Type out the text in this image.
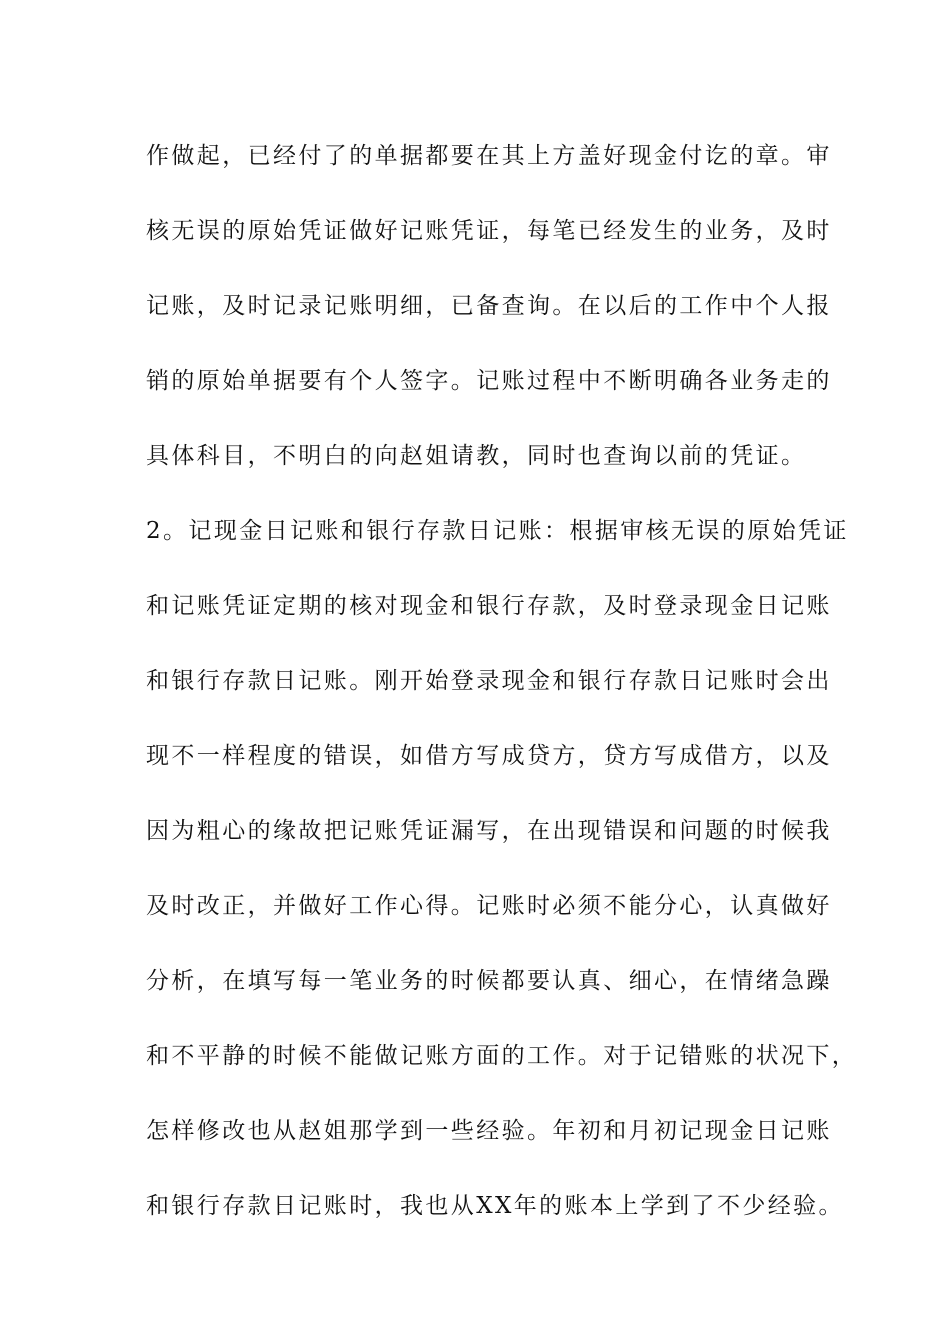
作做起，已经付了的单据都要在其上方盖好现金付讫的章。审
核无误的原始凭证做好记账凭证，每笔已经发生的业务，及时
记账，及时记录记账明细，已备查询。在以后的工作中个人报
销的原始单据要有个人签字。记账过程中不断明确各业务走的
具体科目，不明白的向赵姐请教，同时也查询以前的凭证。
2。记现金日记账和银行存款日记账：根据审核无误的原始凭证
和记账凭证定期的核对现金和银行存款，及时登录现金日记账
和银行存款日记账。刚开始登录现金和银行存款日记账时会出
现不一样程度的错误，如借方写成贷方，贷方写成借方，以及
因为粗心的缘故把记账凭证漏写，在出现错误和问题的时候我
及时改正，并做好工作心得。记账时必须不能分心，认真做好
分析，在填写每一笔业务的时候都要认真、细心，在情绪急躁
和不平静的时候不能做记账方面的工作。对于记错账的状况下，
怎样修改也从赵姐那学到一些经验。年初和月初记现金日记账
和银行存款日记账时，我也从XX年的账本上学到了不少经验。
